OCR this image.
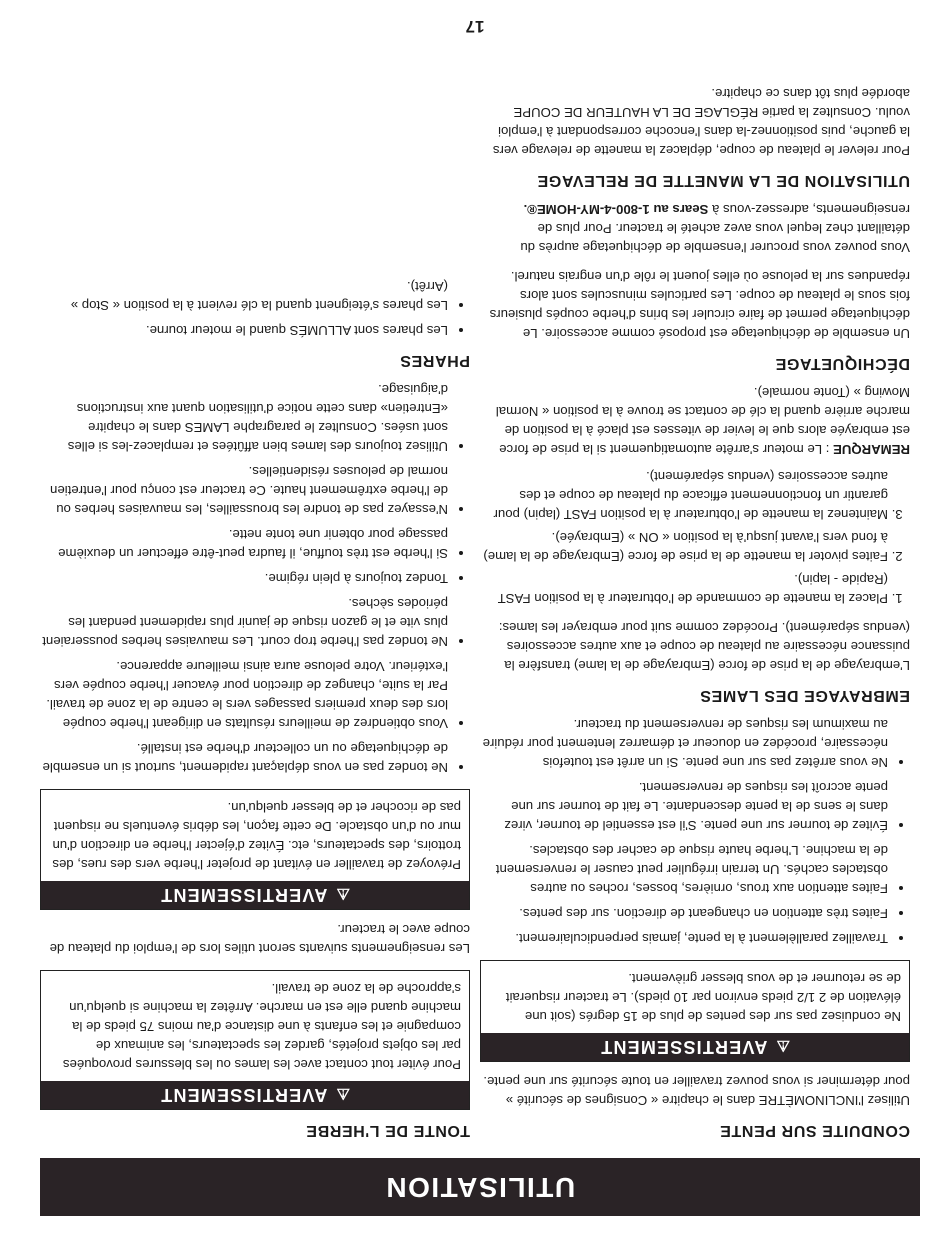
UTILISATION
CONDUITE SUR PENTE

Utilisez l'INCLINOMÈTRE dans le chapitre « Consignes de sécurité » pour déterminer si vous pouvez travailler en toute sécurité sur une pente.

⚠AVERTISSEMENT
Ne conduisez pas sur des pentes de plus de 15 degrés (soit une élévation de 2 1/2 pieds environ par 10 pieds). Le tracteur risquerait de se retourner et de vous blesser grièvement.
• Travaillez parallèlement à la pente, jamais perpendiculairement.
• Faites très attention en changeant de direction. sur des pentes.
• Faites attention aux trous, ornières, bosses, roches ou autres obstacles cachés. Un terrain irrégulier peut causer le renversement de la machine. L'herbe haute risque de cacher des obstacles.
• Évitez de tourner sur une pente. S'il est essentiel de tourner, virez dans le sens de la pente descendante. Le fait de tourner sur une pente accroît les risques de renversement.
• Ne vous arrêtez pas sur une pente. Si un arrêt est toutefois nécessaire, procédez en douceur et démarrez lentement pour réduire au maximum les risques de renversement du tracteur.
EMBRAYAGE DES LAMES

L'embrayage de la prise de force (Embrayage de la lame) transfère la puissance nécessaire au plateau de coupe et aux autres accessoires (vendus séparément). Procédez comme suit pour embrayer les lames:

1. Placez la manette de commande de l'obturateur à la position FAST (Rapide - lapin).
2. Faites pivoter la manette de la prise de force (Embrayage de la lame) à fond vers l'avant jusqu'à la position « ON » (Embrayée).
3. Maintenez la manette de l'obturateur à la position FAST (lapin) pour garantir un fonctionnement efficace du plateau de coupe et des autres accessoires (vendus séparément).

REMARQUE : Le moteur s'arrête automatiquement si la prise de force est embrayée alors que le levier de vitesses est placé à la position de marche arrière quand la clé de contact se trouve à la position « Normal Mowing » (Tonte normale).

DÉCHIQUETAGE

Un ensemble de déchiquetage est proposé comme accessoire. Le déchiquetage permet de faire circuler les brins d'herbe coupés plusieurs fois sous le plateau de coupe. Les particules minuscules sont alors répandues sur la pelouse où elles jouent le rôle d'un engrais naturel.

Vous pouvez vous procurer l'ensemble de déchiquetage auprès du détaillant chez lequel vous avez acheté le tracteur. Pour plus de renseignements, adressez-vous à Sears au 1-800-4-MY-HOME®.

UTILISATION DE LA MANETTE DE RELEVAGE

Pour relever le plateau de coupe, déplacez la manette de relevage vers la gauche, puis positionnez-la dans l'encoche correspondant à l'emploi voulu. Consultez la partie RÉGLAGE DE LA HAUTEUR DE COUPE abordée plus tôt dans ce chapitre.

TONTE DE L'HERBE
⚠AVERTISSEMENT
Pour éviter tout contact avec les lames ou les blessures provoquées par les objets projetés, gardez les spectateurs, les animaux de compagnie et les enfants à une distance d'au moins 75 pieds de la machine quand elle est en marche. Arrêtez la machine si quelqu'un s'approche de la zone de travail.

Les renseignements suivants seront utiles lors de l'emploi du plateau de coupe avec le tracteur.

⚠AVERTISSEMENT
Prévoyez de travailler en évitant de projeter l'herbe vers des rues, des trottoirs, des spectateurs, etc. Évitez d'éjecter l'herbe en direction d'un mur ou d'un obstacle. De cette façon, les débris éventuels ne risquent pas de ricocher et de blesser quelqu'un.
• Ne tondez pas en vous déplaçant rapidement, surtout si un ensemble de déchiquetage ou un collecteur d'herbe est installé.
• Vous obtiendrez de meilleurs résultats en dirigeant l'herbe coupée lors des deux premiers passages vers le centre de la zone de travail. Par la suite, changez de direction pour évacuer l'herbe coupée vers l'extérieur. Votre pelouse aura ainsi meilleure apparence.
• Ne tondez pas l'herbe trop court. Les mauvaises herbes pousseraient plus vite et le gazon risque de jaunir plus rapidement pendant les périodes sèches.
• Tondez toujours à plein régime.
• Si l'herbe est très touffue, il faudra peut-être effectuer un deuxième passage pour obtenir une tonte nette.
• N'essayez pas de tondre les broussailles, les mauvaises herbes ou de l'herbe extrêmement haute. Ce tracteur est conçu pour l'entretien normal de pelouses résidentielles.
• Utilisez toujours des lames bien affûtées et remplacez-les si elles sont usées. Consultez le paragraphe LAMES dans le chapitre «Entretien» dans cette notice d'utilisation quant aux instructions d'aiguisage.
PHARES
• Les phares sont ALLUMÉS quand le moteur tourne.
• Les phares s'éteignent quand la clé revient à la position « Stop » (Arrêt).
17
